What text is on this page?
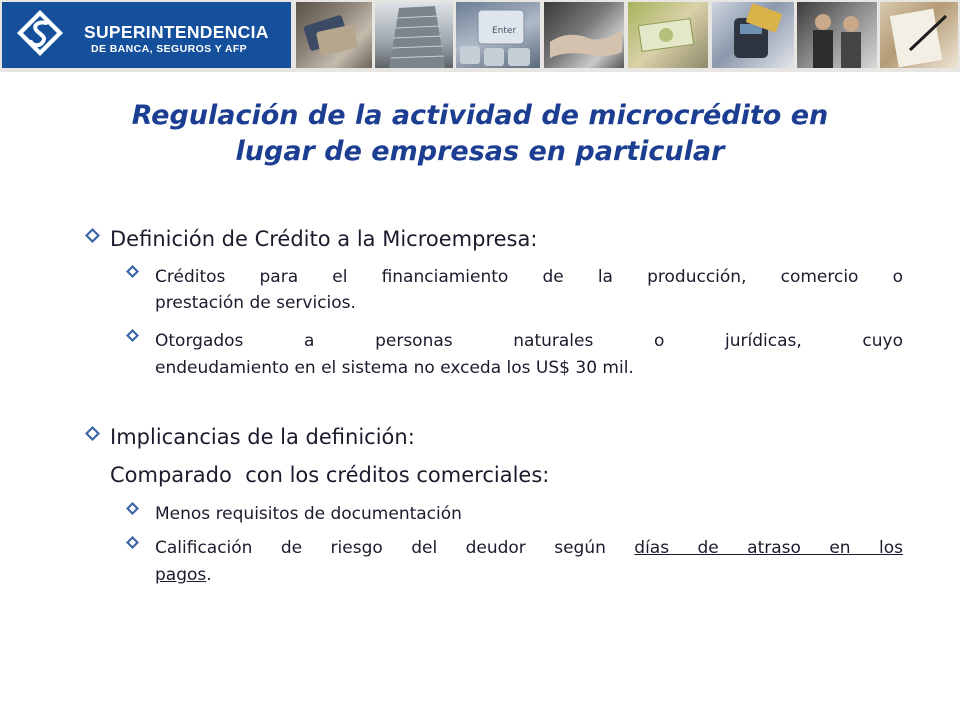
SUPERINTENDENCIA
DE BANCA, SEGUROS Y AFP
Enter
Regulación de la actividad de microcrédito en
lugar de empresas en particular
Definición de Crédito a la Microempresa:
Créditos para el financiamiento de la producción, comercio o
prestación de servicios.
Otorgados a personas naturales o jurídicas, cuyo
endeudamiento en el sistema no exceda los US$ 30 mil.
Implicancias de la definición:
Comparado  con los créditos comerciales:
Menos requisitos de documentación
Calificación de riesgo del deudor según días de atraso en los
pagos.
